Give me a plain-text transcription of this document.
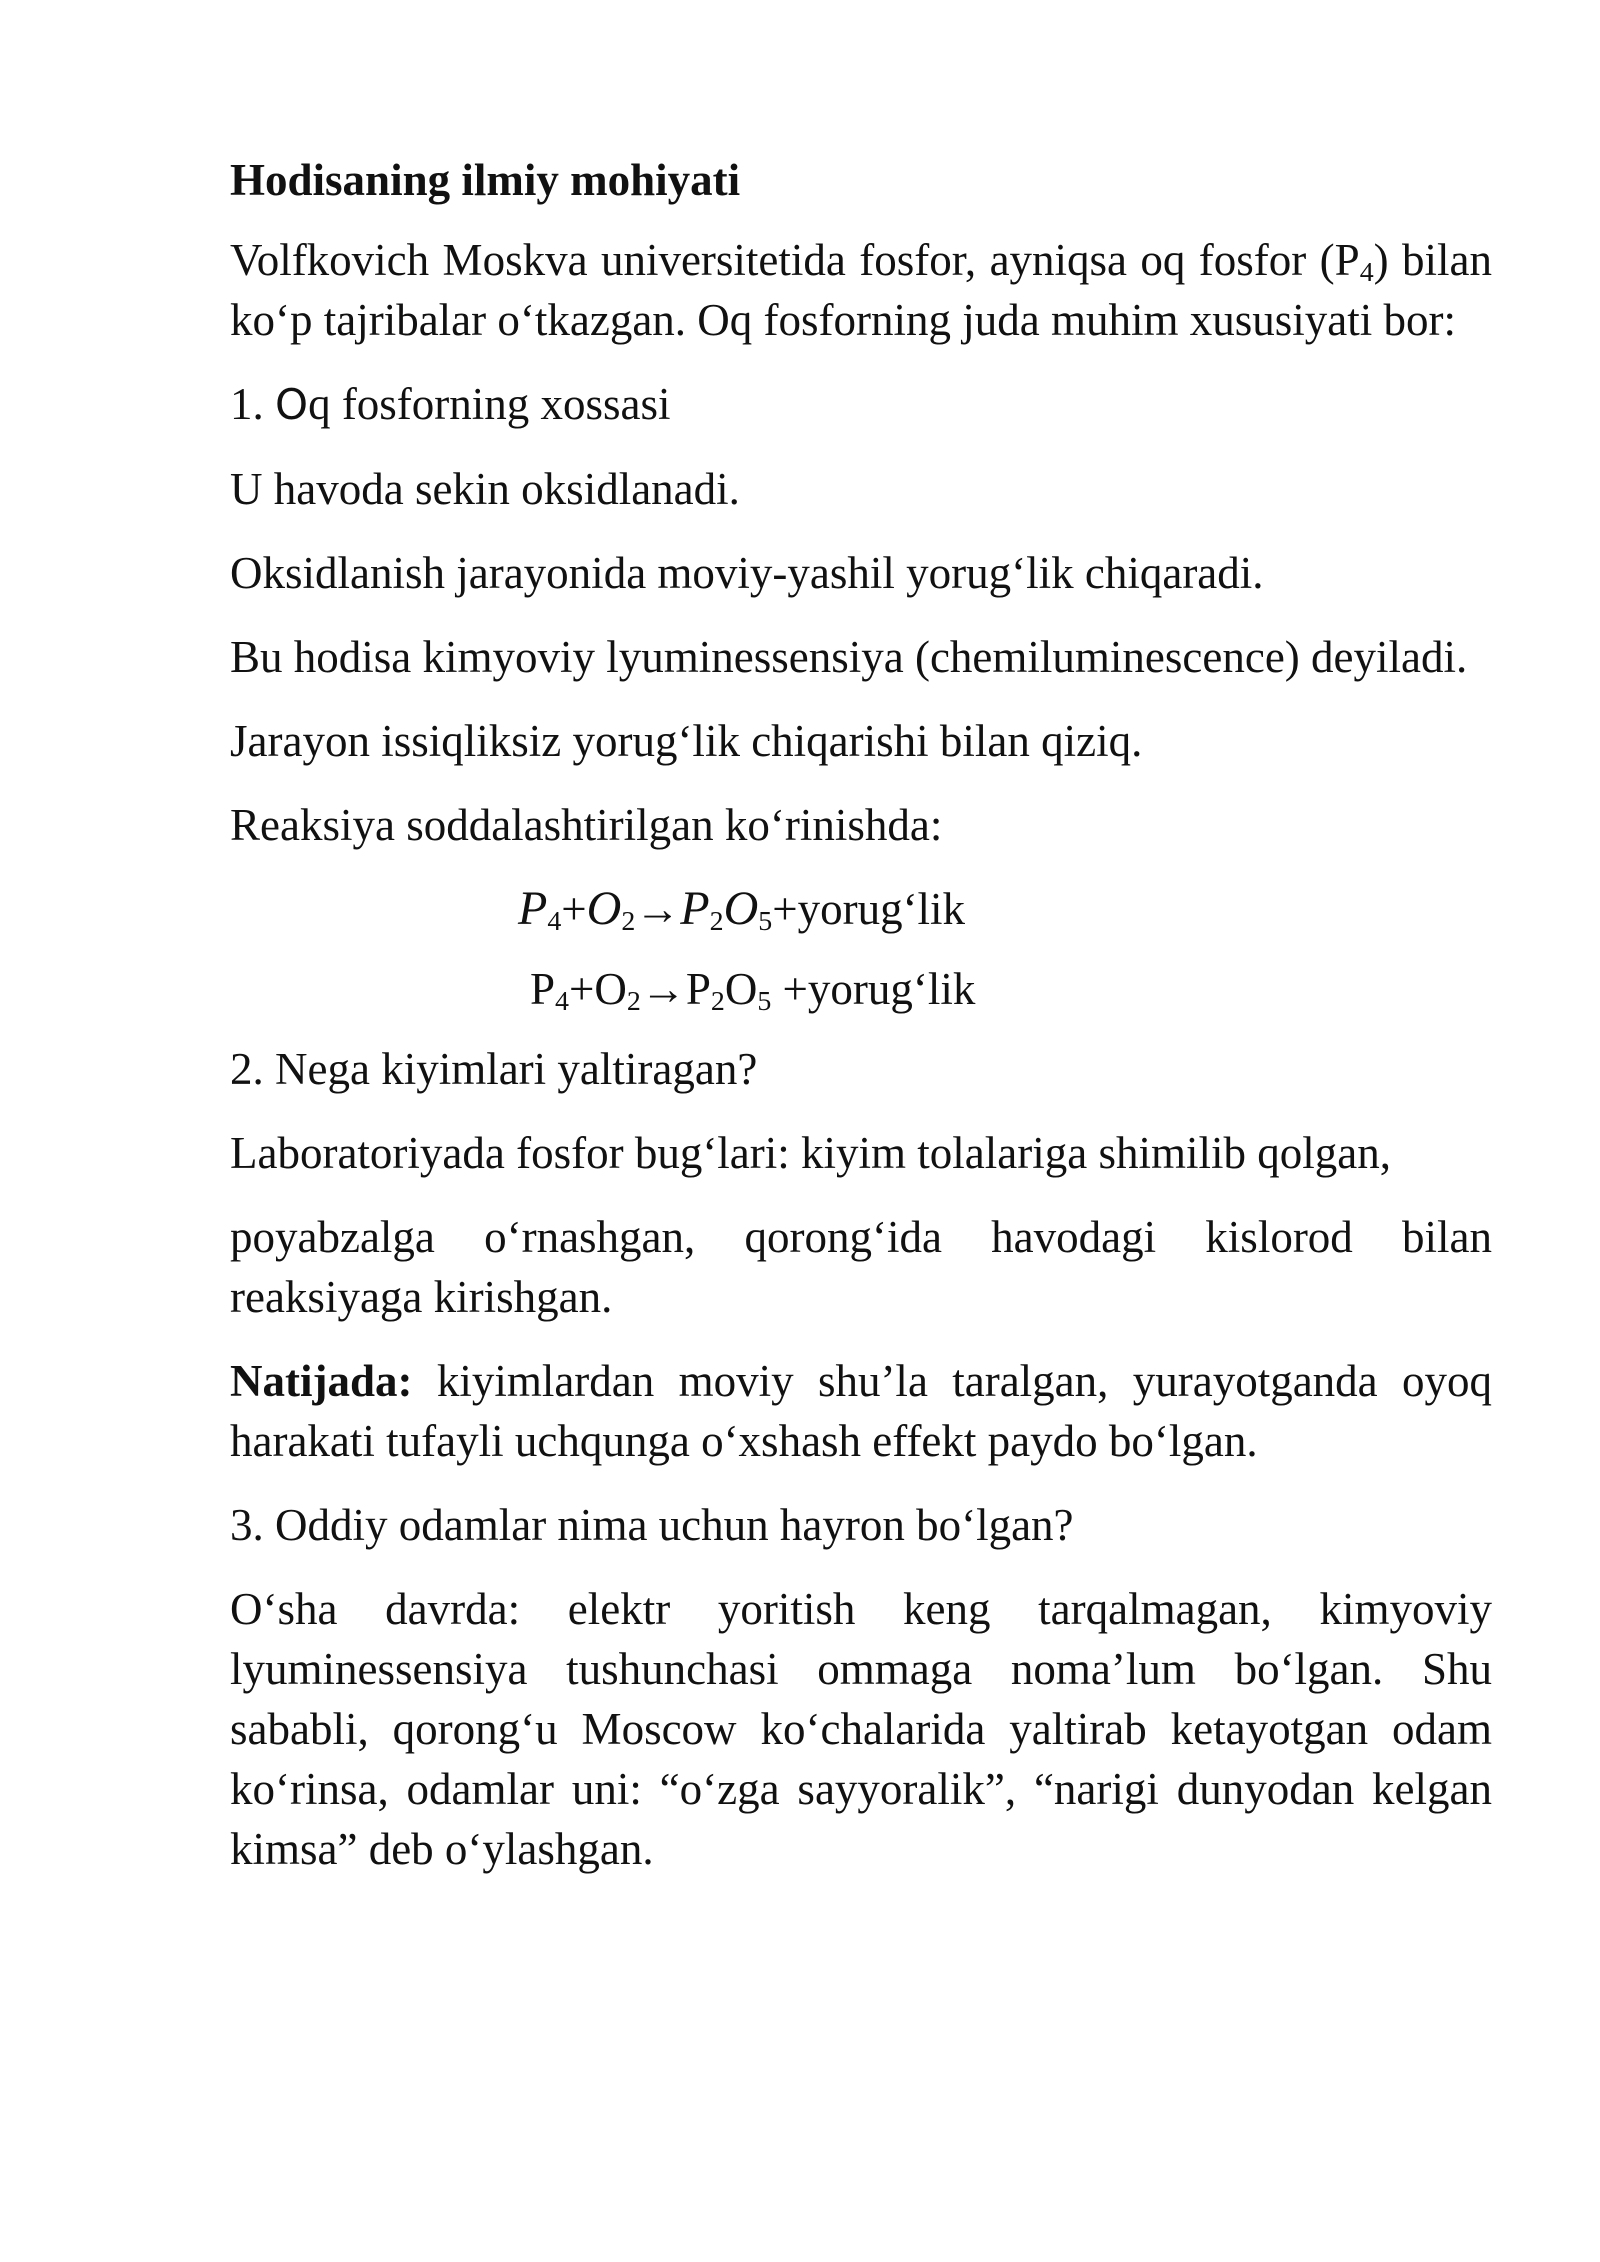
Hodisaning ilmiy mohiyati

Volfkovich Moskva universitetida fosfor, ayniqsa oq fosfor $(P_4)$ bilan ko‘p tajribalar o‘tkazgan. Oq fosforning juda muhim xususiyati bor:

1. Oq fosforning xossasi

U havoda sekin oksidlanadi.

Oksidlanish jarayonida moviy-yashil yorug‘lik chiqaradi.

Bu hodisa kimyoviy lyuminessensiya (chemiluminescence) deyiladi.

Jarayon issiqliksiz yorug‘lik chiqarishi bilan qiziq.

Reaksiya soddalashtirilgan ko‘rinishda:

$P_4+O_2\to P_2O_5+yorug‘lik$

$P_4+O_2\to P_2O_5$ +yorug‘lik

2. Nega kiyimlari yaltiragan?

Laboratoriyada fosfor bug‘lari: kiyim tolalariga shimilib qolgan,

poyabzalga o‘rnashgan, qorong‘ida havodagi kislorod bilan reaksiyaga kirishgan.

Natijada: kiyimlardan moviy shu’la taralgan, yurayotganda oyoq harakati tufayli uchqunga o‘xshash effekt paydo bo‘lgan.

3. Oddiy odamlar nima uchun hayron bo‘lgan?

O‘sha davrda: elektr yoritish keng tarqalmagan, kimyoviy lyuminessensiya tushunchasi ommaga noma’lum bo‘lgan. Shu sababli, qorong‘u Moscow ko‘chalarida yaltirab ketayotgan odam ko‘rinsa, odamlar uni: “o‘zga sayyoralik”, “narigi dunyodan kelgan kimsa” deb o‘ylashgan.
